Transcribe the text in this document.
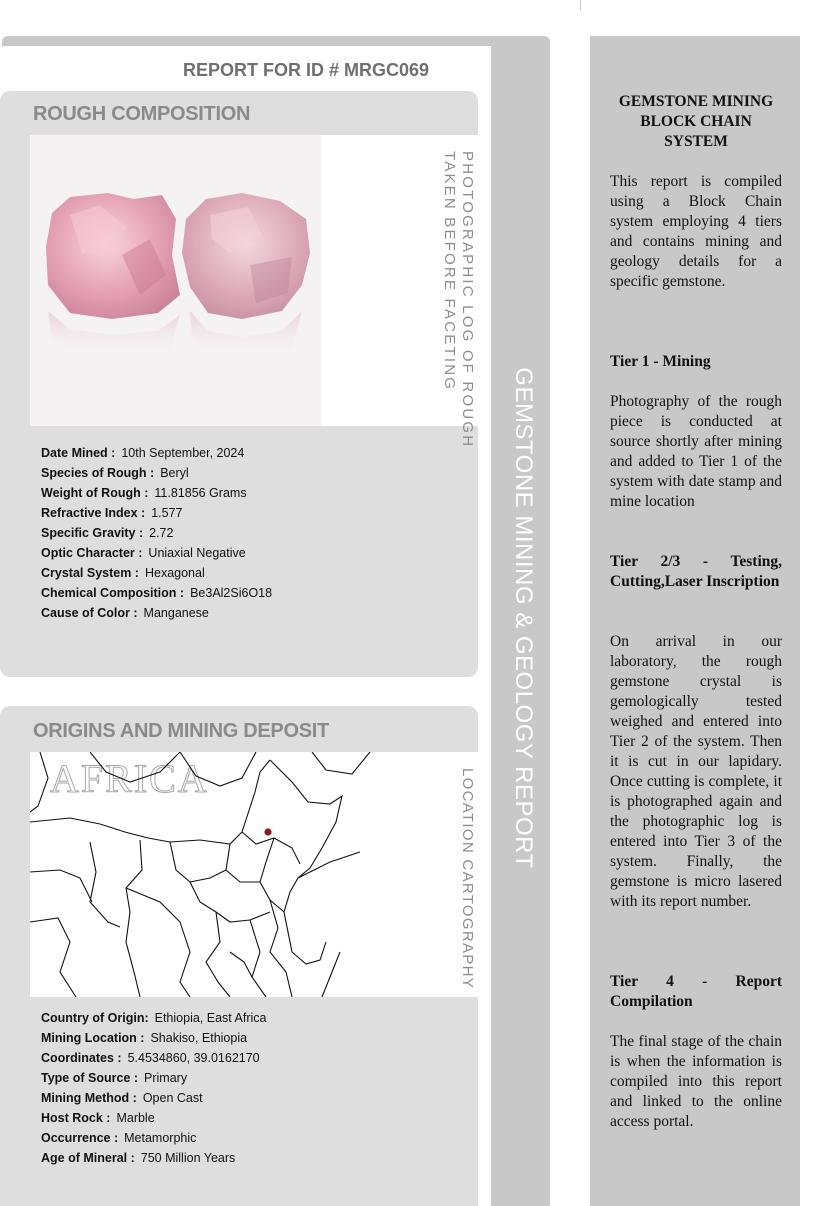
GEMSTONE MINING & GEOLOGY REPORT
REPORT FOR ID # MRGC069
ROUGH COMPOSITION
PHOTOGRAPHIC LOG OF ROUGH
TAKEN BEFORE FACETING
Date Mined : 10th September, 2024
Species of Rough : Beryl
Weight of Rough : 11.81856 Grams
Refractive Index : 1.577
Specific Gravity : 2.72
Optic Character : Uniaxial Negative
Crystal System : Hexagonal
Chemical Composition : Be3Al2Si6O18
Cause of Color : Manganese
ORIGINS AND MINING DEPOSIT
AFRICA	LOCATION CARTOGRAPHY
Country of Origin: Ethiopia, East Africa
Mining Location : Shakiso, Ethiopia
Coordinates : 5.4534860, 39.0162170
Type of Source : Primary
Mining Method : Open Cast
Host Rock : Marble
Occurrence : Metamorphic
Age of Mineral : 750 Million Years
GEMSTONE MINING BLOCK CHAIN SYSTEM
This report is compiled using a Block Chain system employing 4 tiers and contains mining and geology details for a specific gemstone.
Tier 1 - Mining
Photography of the rough piece is conducted at source shortly after mining and added to Tier 1 of the system with date stamp and mine location
Tier 2/3 - Testing, Cutting,Laser Inscription
On arrival in our laboratory, the rough gemstone crystal is gemologically tested weighed and entered into Tier 2 of the system. Then it is cut in our lapidary. Once cutting is complete, it is photographed again and the photographic log is entered into Tier 3 of the system. Finally, the gemstone is micro lasered with its report number.
Tier 4 - Report Compilation
The final stage of the chain is when the information is compiled into this report and linked to the online access portal.
